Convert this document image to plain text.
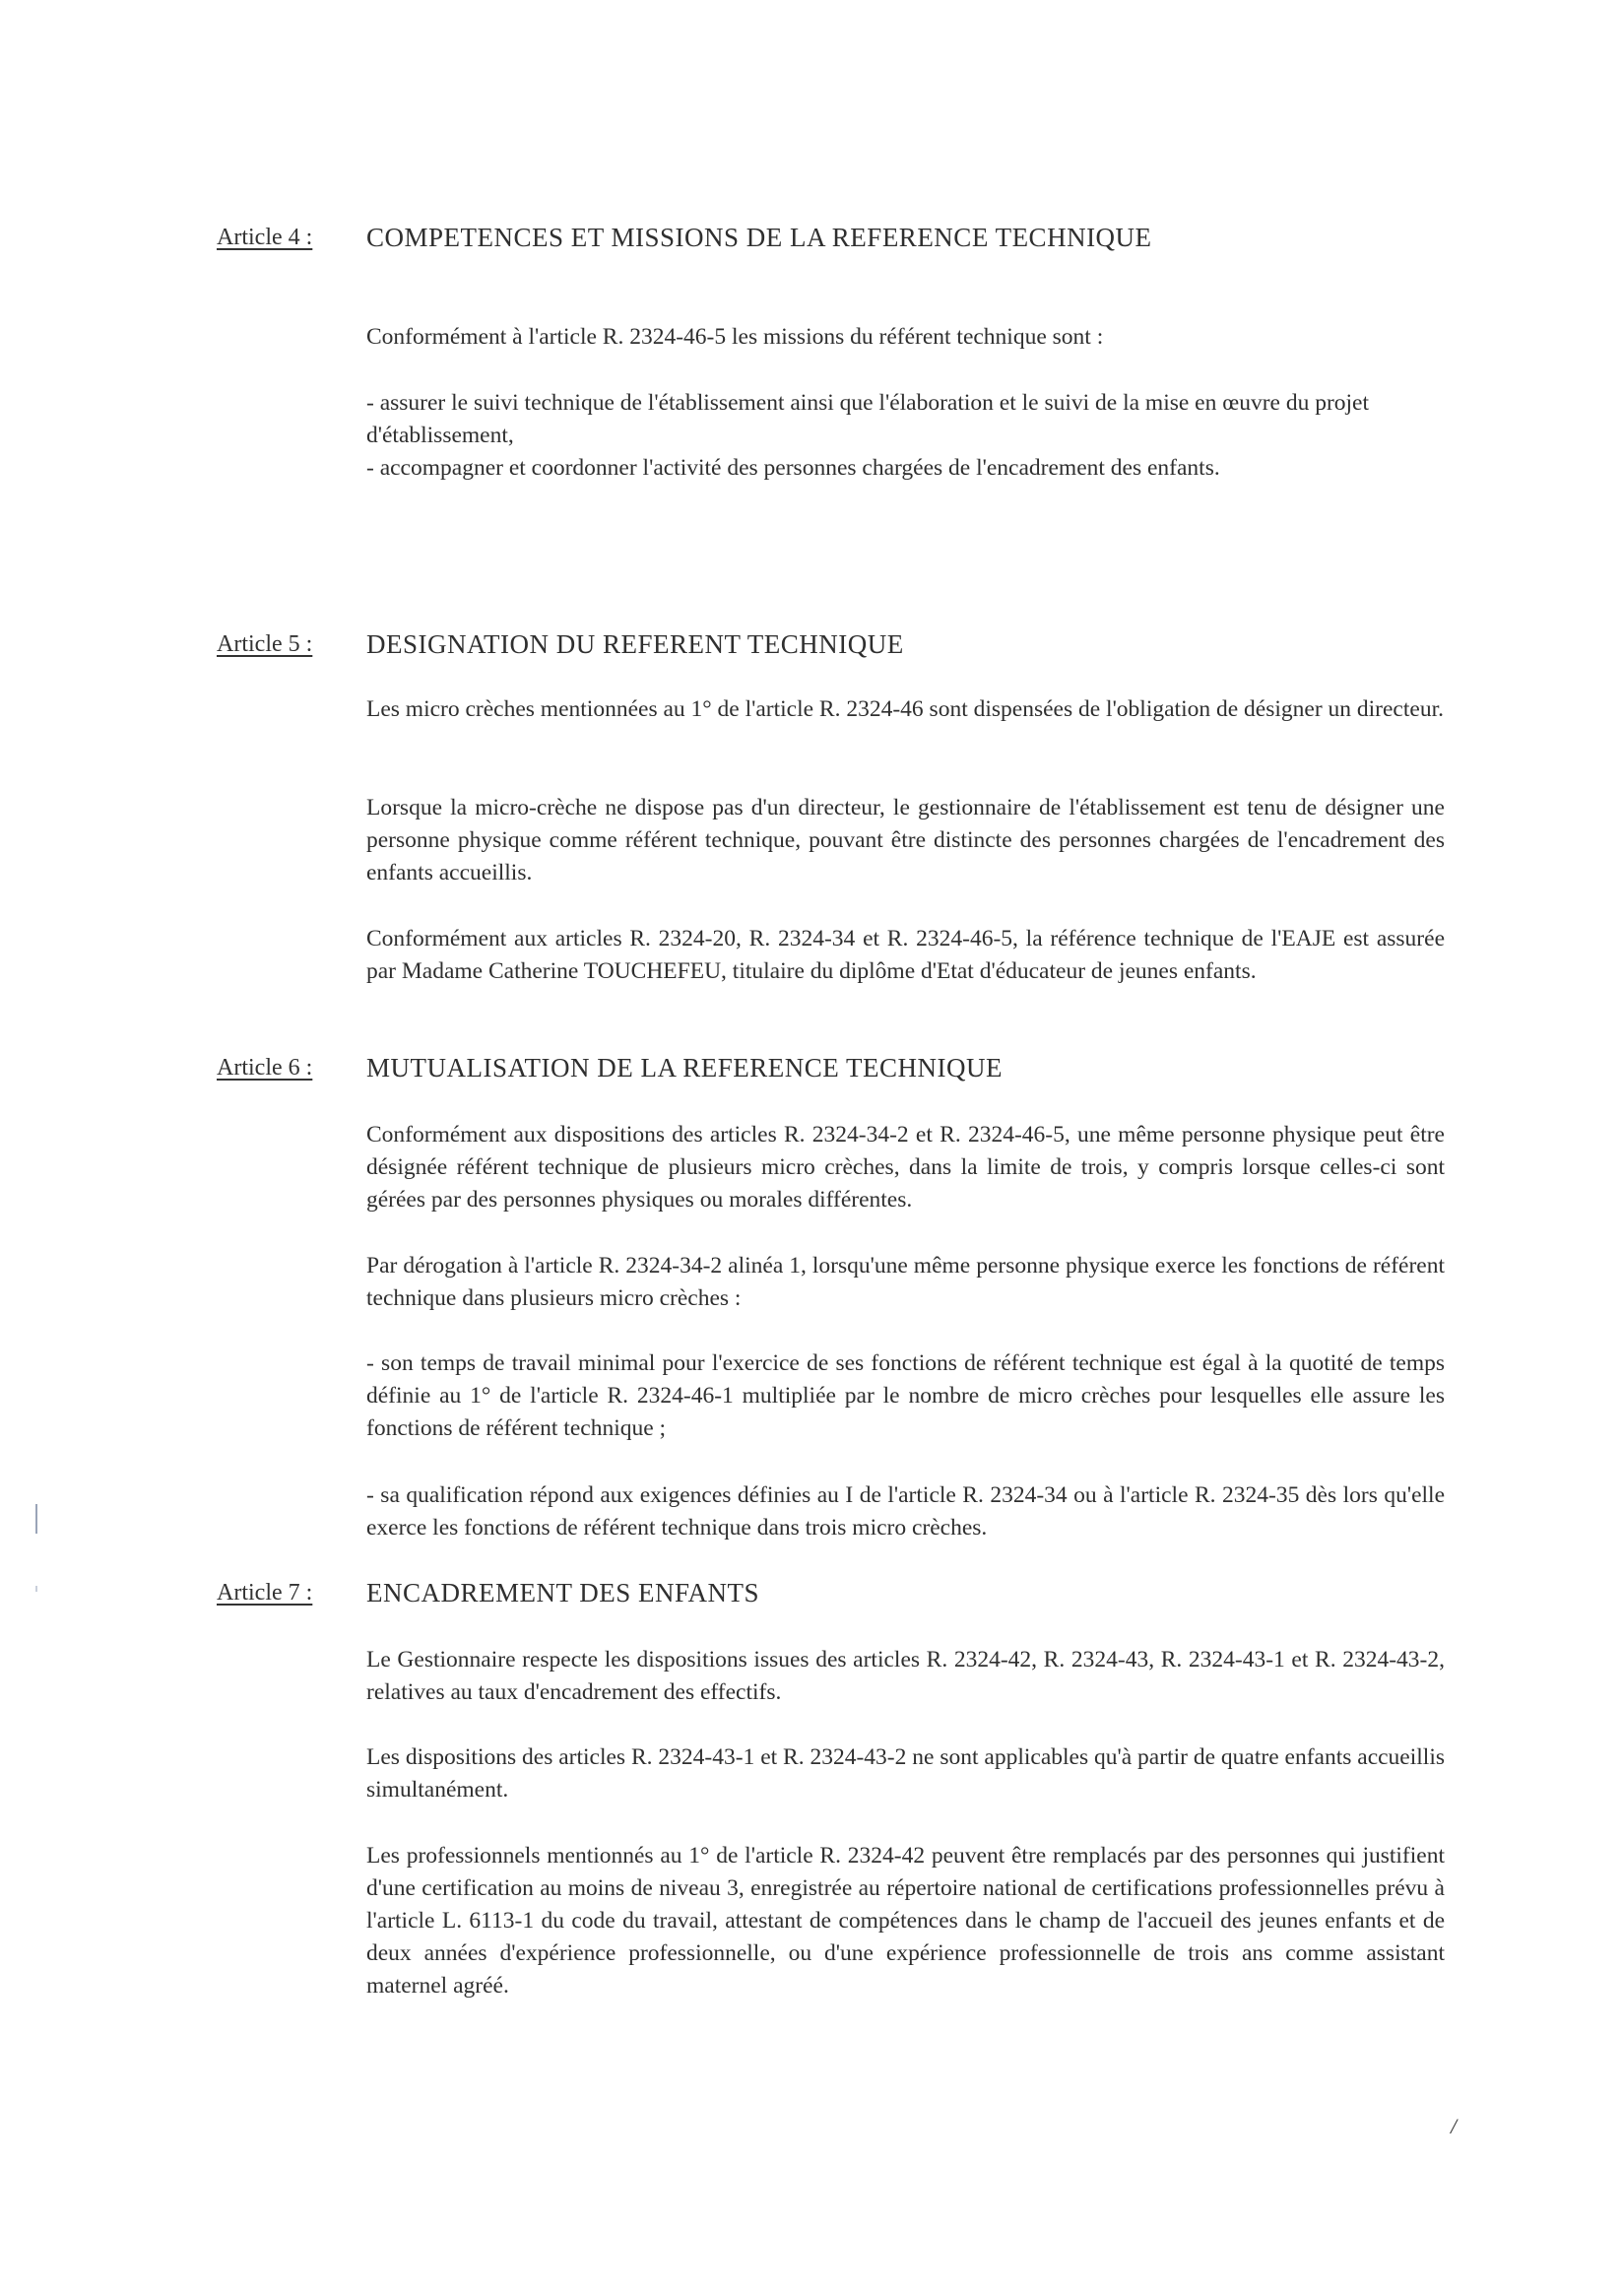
Article 4 : COMPETENCES ET MISSIONS DE LA REFERENCE TECHNIQUE

Conformément à l'article R. 2324-46-5 les missions du référent technique sont :

- assurer le suivi technique de l'établissement ainsi que l'élaboration et le suivi de la mise en œuvre du projet d'établissement,

- accompagner et coordonner l'activité des personnes chargées de l'encadrement des enfants.

Article 5 : DESIGNATION DU REFERENT TECHNIQUE

Les micro crèches mentionnées au 1° de l'article R. 2324-46 sont dispensées de l'obligation de désigner un directeur.

Lorsque la micro-crèche ne dispose pas d'un directeur, le gestionnaire de l'établissement est tenu de désigner une personne physique comme référent technique, pouvant être distincte des personnes chargées de l'encadrement des enfants accueillis.

Conformément aux articles R. 2324-20, R. 2324-34 et R. 2324-46-5, la référence technique de l'EAJE est assurée par Madame Catherine TOUCHEFEU, titulaire du diplôme d'Etat d'éducateur de jeunes enfants.

Article 6 : MUTUALISATION DE LA REFERENCE TECHNIQUE

Conformément aux dispositions des articles R. 2324-34-2 et R. 2324-46-5, une même personne physique peut être désignée référent technique de plusieurs micro crèches, dans la limite de trois, y compris lorsque celles-ci sont gérées par des personnes physiques ou morales différentes.

Par dérogation à l'article R. 2324-34-2 alinéa 1, lorsqu'une même personne physique exerce les fonctions de référent technique dans plusieurs micro crèches :

- son temps de travail minimal pour l'exercice de ses fonctions de référent technique est égal à la quotité de temps définie au 1° de l'article R. 2324-46-1 multipliée par le nombre de micro crèches pour lesquelles elle assure les fonctions de référent technique ;

- sa qualification répond aux exigences définies au I de l'article R. 2324-34 ou à l'article R. 2324-35 dès lors qu'elle exerce les fonctions de référent technique dans trois micro crèches.

Article 7 : ENCADREMENT DES ENFANTS

Le Gestionnaire respecte les dispositions issues des articles R. 2324-42, R. 2324-43, R. 2324-43-1 et R. 2324-43-2, relatives au taux d'encadrement des effectifs.

Les dispositions des articles R. 2324-43-1 et R. 2324-43-2 ne sont applicables qu'à partir de quatre enfants accueillis simultanément.

Les professionnels mentionnés au 1° de l'article R. 2324-42 peuvent être remplacés par des personnes qui justifient d'une certification au moins de niveau 3, enregistrée au répertoire national de certifications professionnelles prévu à l'article L. 6113-1 du code du travail, attestant de compétences dans le champ de l'accueil des jeunes enfants et de deux années d'expérience professionnelle, ou d'une expérience professionnelle de trois ans comme assistant maternel agréé.

/
